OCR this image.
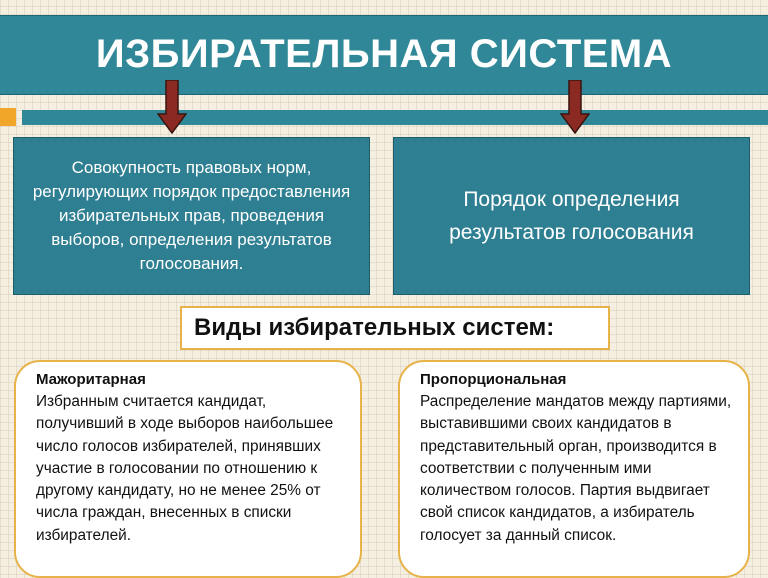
ИЗБИРАТЕЛЬНАЯ СИСТЕМА
Совокупность правовых норм, регулирующих порядок предоставления избирательных прав, проведения выборов, определения результатов голосования.
Порядок определения результатов голосования
Виды избирательных систем:
Мажоритарная
Избранным считается кандидат, получивший в ходе выборов наибольшее число голосов избирателей, принявших участие в голосовании по отношению к другому кандидату, но не менее 25% от числа граждан, внесенных в списки избирателей.
Пропорциональная
Распределение мандатов между партиями, выставившими своих кандидатов в представительный орган, производится в соответствии с полученным ими количеством голосов. Партия выдвигает свой список кандидатов, а избиратель голосует за данный список.
